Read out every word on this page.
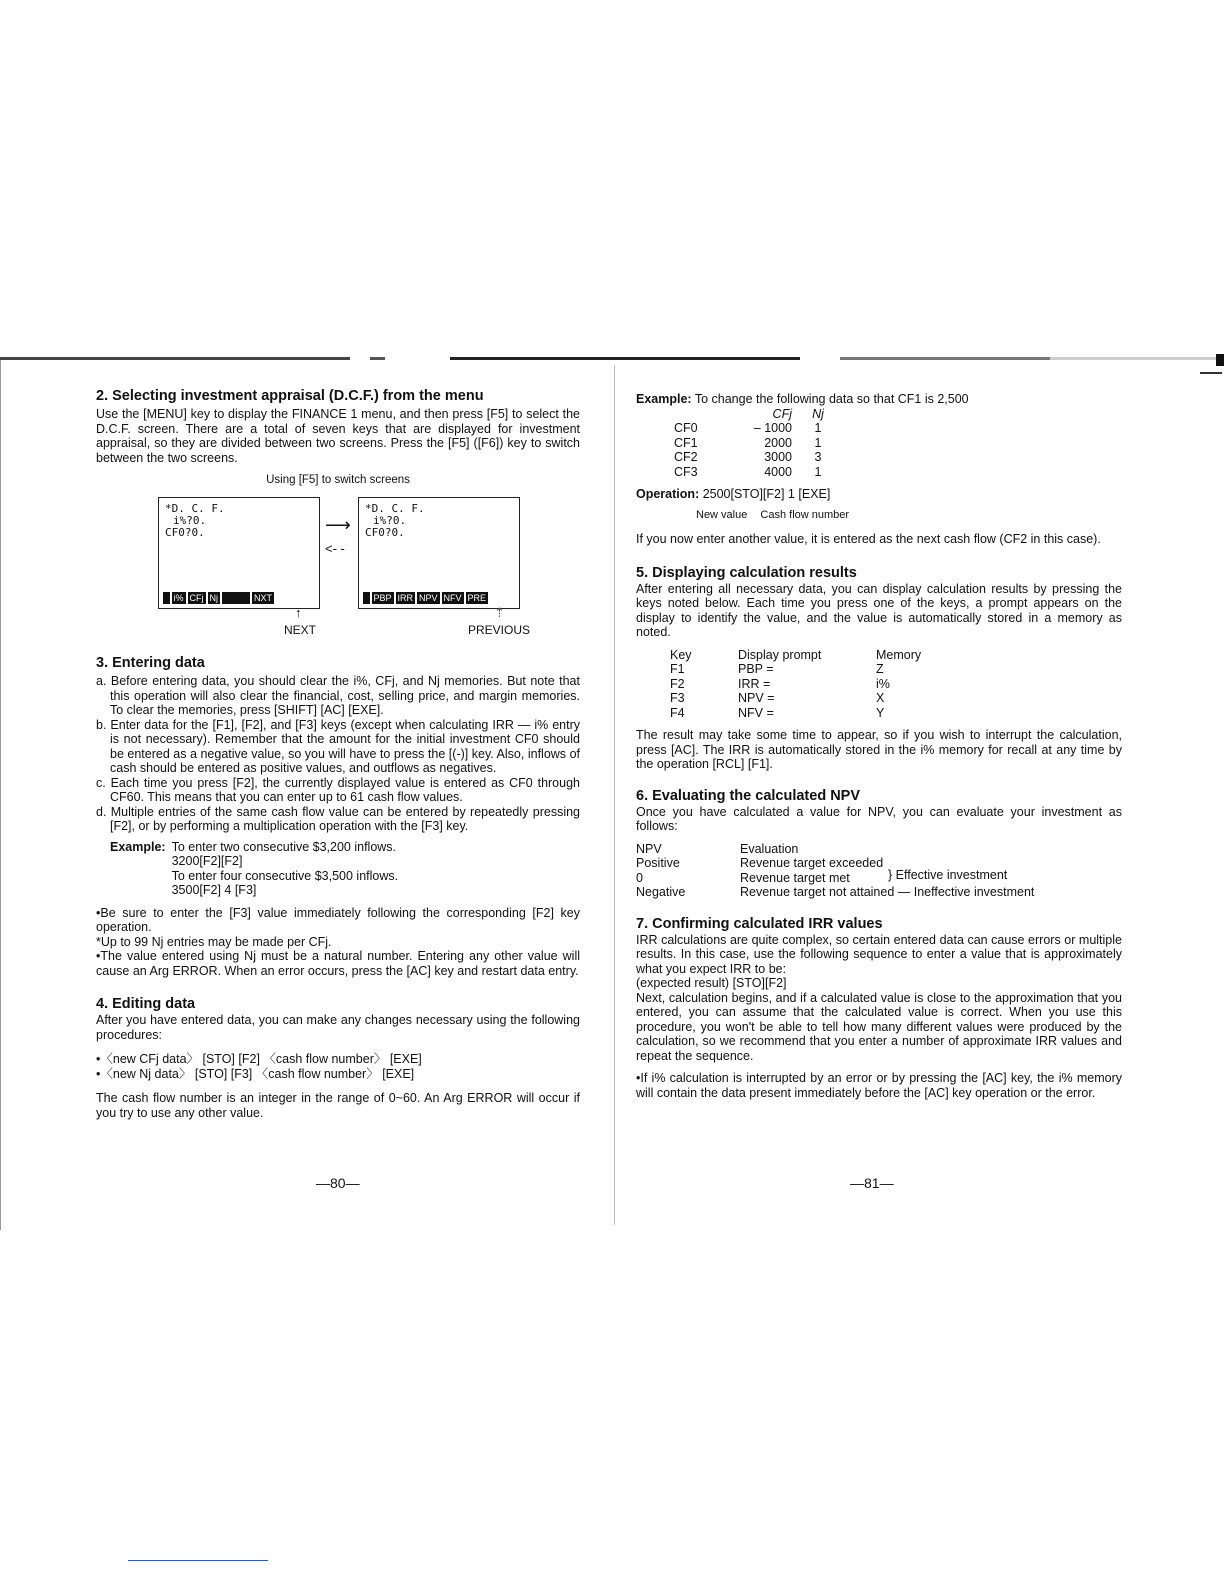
2. Selecting investment appraisal (D.C.F.) from the menu

Use the [MENU] key to display the FINANCE 1 menu, and then press [F5] to select the D.C.F. screen. There are a total of seven keys that are displayed for investment appraisal, so they are divided between two screens. Press the [F5] ([F6]) key to switch between the two screens.

Using [F5] to switch screens
*D. C. F.
i%?0.
CF0?0.

i% CFj Nj	NXT
⟶
<- -
*D. C. F.
i%?0.
CF0?0.

PBP IRR NPV NFV PRE
↑
NEXT
⇡
PREVIOUS
3. Entering data

a. Before entering data, you should clear the i%, CFj, and Nj memories. But note that this operation will also clear the financial, cost, selling price, and margin memories. To clear the memories, press [SHIFT] [AC] [EXE].

b. Enter data for the [F1], [F2], and [F3] keys (except when calculating IRR — i% entry is not necessary). Remember that the amount for the initial investment CF0 should be entered as a negative value, so you will have to press the [(-)] key. Also, inflows of cash should be entered as positive values, and outflows as negatives.

c. Each time you press [F2], the currently displayed value is entered as CF0 through CF60. This means that you can enter up to 61 cash flow values.

d. Multiple entries of the same cash flow value can be entered by repeatedly pressing [F2], or by performing a multiplication operation with the [F3] key.

Example:	To enter two consecutive $3,200 inflows.
	3200[F2][F2]
	To enter four consecutive $3,500 inflows.
	3500[F2] 4 [F3]

•Be sure to enter the [F3] value immediately following the corresponding [F2] key operation.

*Up to 99 Nj entries may be made per CFj.

•The value entered using Nj must be a natural number. Entering any other value will cause an Arg ERROR. When an error occurs, press the [AC] key and restart data entry.

4. Editing data

After you have entered data, you can make any changes necessary using the following procedures:

•〈new CFj data〉 [STO] [F2] 〈cash flow number〉 [EXE]

•〈new Nj data〉 [STO] [F3] 〈cash flow number〉 [EXE]

The cash flow number is an integer in the range of 0~60. An Arg ERROR will occur if you try to use any other value.

—80—
Example: To change the following data so that CF1 is 2,500
	CFj	Nj
CF0	– 1000	1
CF1	2000	1
CF2	3000	3
CF3	4000	1
Operation: 2500[STO][F2] 1 [EXE]
New value Cash flow number

If you now enter another value, it is entered as the next cash flow (CF2 in this case).

5. Displaying calculation results

After entering all necessary data, you can display calculation results by pressing the keys noted below. Each time you press one of the keys, a prompt appears on the display to identify the value, and the value is automatically stored in a memory as noted.

Key	Display prompt	Memory
F1	PBP =	Z
F2	IRR =	i%
F3	NPV =	X
F4	NFV =	Y

The result may take some time to appear, so if you wish to interrupt the calculation, press [AC]. The IRR is automatically stored in the i% memory for recall at any time by the operation [RCL] [F1].

6. Evaluating the calculated NPV

Once you have calculated a value for NPV, you can evaluate your investment as follows:

NPV	Evaluation
Positive	Revenue target exceeded
0	Revenue target met
Negative	Revenue target not attained — Ineffective investment
7. Confirming calculated IRR values

IRR calculations are quite complex, so certain entered data can cause errors or multiple results. In this case, use the following sequence to enter a value that is approximately what you expect IRR to be:

(expected result) [STO][F2]

Next, calculation begins, and if a calculated value is close to the approximation that you entered, you can assume that the calculated value is correct. When you use this procedure, you won't be able to tell how many different values were produced by the calculation, so we recommend that you enter a number of approximate IRR values and repeat the sequence.

•If i% calculation is interrupted by an error or by pressing the [AC] key, the i% memory will contain the data present immediately before the [AC] key operation or the error.

} Effective investment
—81—
